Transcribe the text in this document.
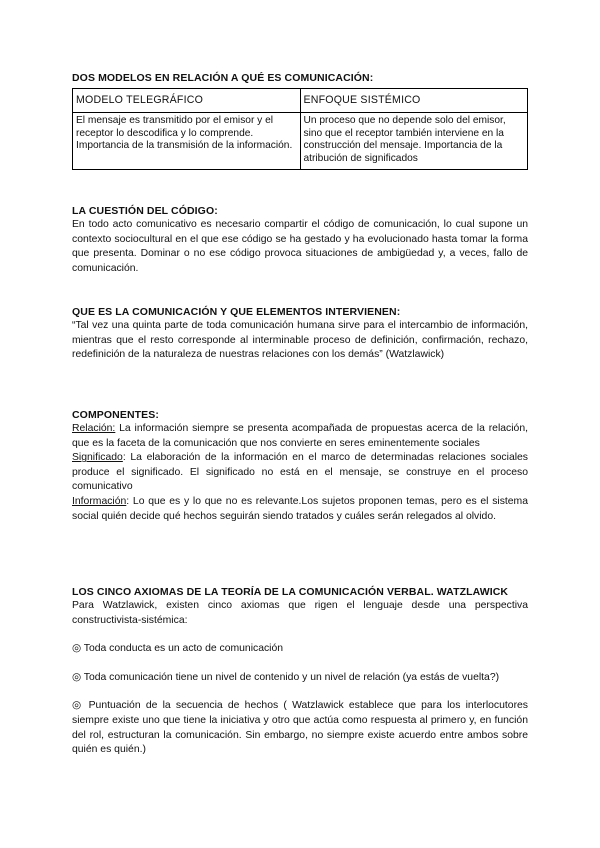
DOS MODELOS EN RELACIÓN A QUÉ ES COMUNICACIÓN:
MODELO TELEGRÁFICO	ENFOQUE SISTÉMICO
El mensaje es transmitido por el emisor y el receptor lo descodifica y lo comprende. Importancia de la transmisión de la información.	Un proceso que no depende solo del emisor, sino que el receptor también interviene en la construcción del mensaje. Importancia de la atribución de significados
LA CUESTIÓN DEL CÓDIGO:

En todo acto comunicativo es necesario compartir el código de comunicación, lo cual supone un contexto sociocultural en el que ese código se ha gestado y ha evolucionado hasta tomar la forma que presenta. Dominar o no ese código provoca situaciones de ambigüedad y, a veces, fallo de comunicación.

QUE ES LA COMUNICACIÓN Y QUE ELEMENTOS INTERVIENEN:

“Tal vez una quinta parte de toda comunicación humana sirve para el intercambio de información, mientras que el resto corresponde al interminable proceso de definición, confirmación, rechazo, redefinición de la naturaleza de nuestras relaciones con los demás” (Watzlawick)

COMPONENTES:

Relación: La información siempre se presenta acompañada de propuestas acerca de la relación, que es la faceta de la comunicación que nos convierte en seres eminentemente sociales

Significado: La elaboración de la información en el marco de determinadas relaciones sociales produce el significado. El significado no está en el mensaje, se construye en el proceso comunicativo

Información: Lo que es y lo que no es relevante.Los sujetos proponen temas, pero es el sistema social quién decide qué hechos seguirán siendo tratados y cuáles serán relegados al olvido.

LOS CINCO AXIOMAS DE LA TEORÍA DE LA COMUNICACIÓN VERBAL. WATZLAWICK

Para Watzlawick, existen cinco axiomas que rigen el lenguaje desde una perspectiva constructivista-sistémica:

◎ Toda conducta es un acto de comunicación

◎ Toda comunicación tiene un nivel de contenido y un nivel de relación (ya estás de vuelta?)

◎ Puntuación de la secuencia de hechos ( Watzlawick establece que para los interlocutores siempre existe uno que tiene la iniciativa y otro que actúa como respuesta al primero y, en función del rol, estructuran la comunicación. Sin embargo, no siempre existe acuerdo entre ambos sobre quién es quién.)
